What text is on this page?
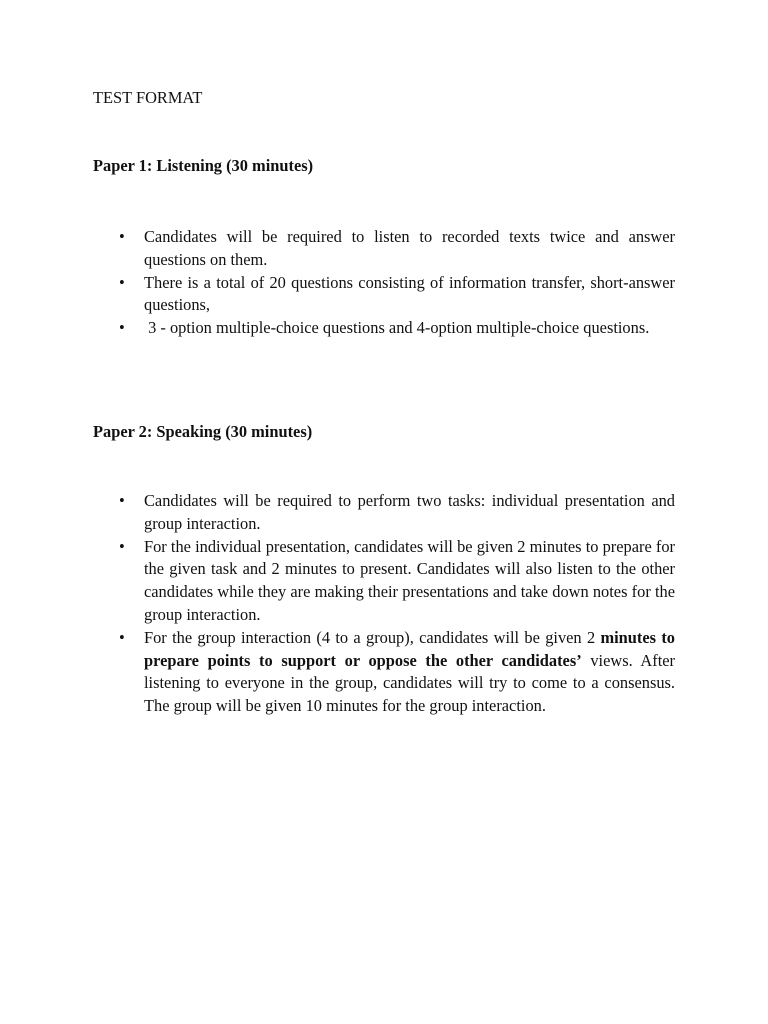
TEST FORMAT
Paper 1: Listening (30 minutes)
• Candidates will be required to listen to recorded texts twice and answer questions on them.
• There is a total of 20 questions consisting of information transfer, short-answer questions,
•  3 - option multiple-choice questions and 4-option multiple-choice questions.
Paper 2: Speaking (30 minutes)
• Candidates will be required to perform two tasks: individual presentation and group interaction.
• For the individual presentation, candidates will be given 2 minutes to prepare for the given task and 2 minutes to present. Candidates will also listen to the other candidates while they are making their presentations and take down notes for the group interaction.
• For the group interaction (4 to a group), candidates will be given 2 minutes to prepare points to support or oppose the other candidates’ views. After listening to everyone in the group, candidates will try to come to a consensus. The group will be given 10 minutes for the group interaction.
